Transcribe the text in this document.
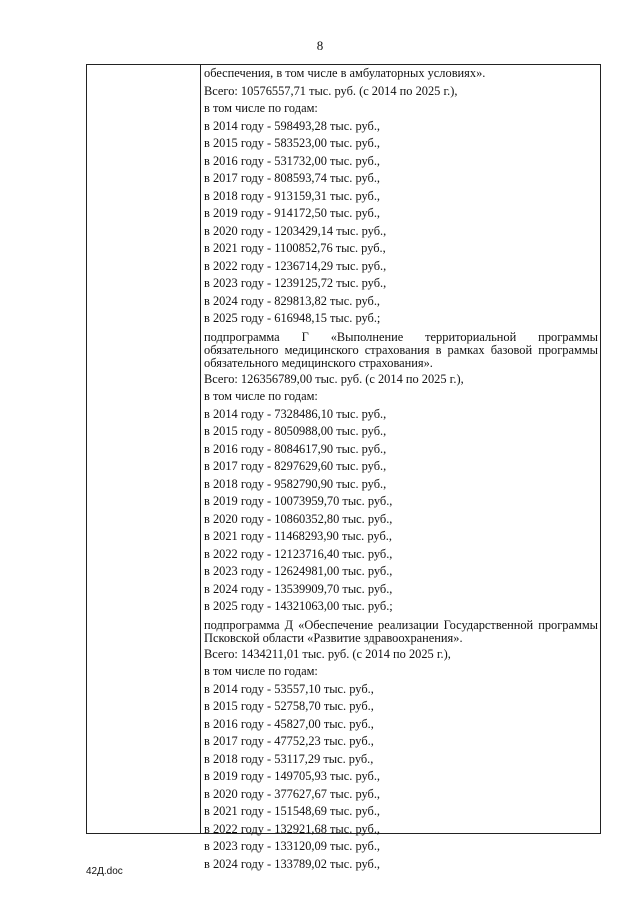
8
обеспечения, в том числе в амбулаторных условиях».
Всего: 10576557,71 тыс. руб. (с 2014 по 2025 г.),
в том числе по годам:
в 2014 году - 598493,28 тыс. руб.,
в 2015 году - 583523,00 тыс. руб.,
в 2016 году - 531732,00 тыс. руб.,
в 2017 году - 808593,74 тыс. руб.,
в 2018 году - 913159,31 тыс. руб.,
в 2019 году - 914172,50 тыс. руб.,
в 2020 году - 1203429,14 тыс. руб.,
в 2021 году - 1100852,76 тыс. руб.,
в 2022 году - 1236714,29 тыс. руб.,
в 2023 году - 1239125,72 тыс. руб.,
в 2024 году - 829813,82 тыс. руб.,
в 2025 году - 616948,15 тыс. руб.;
подпрограмма Г «Выполнение территориальной программы обязательного медицинского страхования в рамках базовой программы обязательного медицинского страхования».
Всего: 126356789,00 тыс. руб. (с 2014 по 2025 г.),
в том числе по годам:
в 2014 году - 7328486,10 тыс. руб.,
в 2015 году - 8050988,00 тыс. руб.,
в 2016 году - 8084617,90 тыс. руб.,
в 2017 году - 8297629,60 тыс. руб.,
в 2018 году - 9582790,90 тыс. руб.,
в 2019 году - 10073959,70 тыс. руб.,
в 2020 году - 10860352,80 тыс. руб.,
в 2021 году - 11468293,90 тыс. руб.,
в 2022 году - 12123716,40 тыс. руб.,
в 2023 году - 12624981,00 тыс. руб.,
в 2024 году - 13539909,70 тыс. руб.,
в 2025 году - 14321063,00 тыс. руб.;
подпрограмма Д «Обеспечение реализации Государственной программы Псковской области «Развитие здравоохранения».
Всего: 1434211,01 тыс. руб. (с 2014 по 2025 г.),
в том числе по годам:
в 2014 году - 53557,10 тыс. руб.,
в 2015 году - 52758,70 тыс. руб.,
в 2016 году - 45827,00 тыс. руб.,
в 2017 году - 47752,23 тыс. руб.,
в 2018 году - 53117,29 тыс. руб.,
в 2019 году - 149705,93 тыс. руб.,
в 2020 году - 377627,67 тыс. руб.,
в 2021 году - 151548,69 тыс. руб.,
в 2022 году - 132921,68 тыс. руб.,
в 2023 году - 133120,09 тыс. руб.,
в 2024 году - 133789,02 тыс. руб.,
42Д.doc
